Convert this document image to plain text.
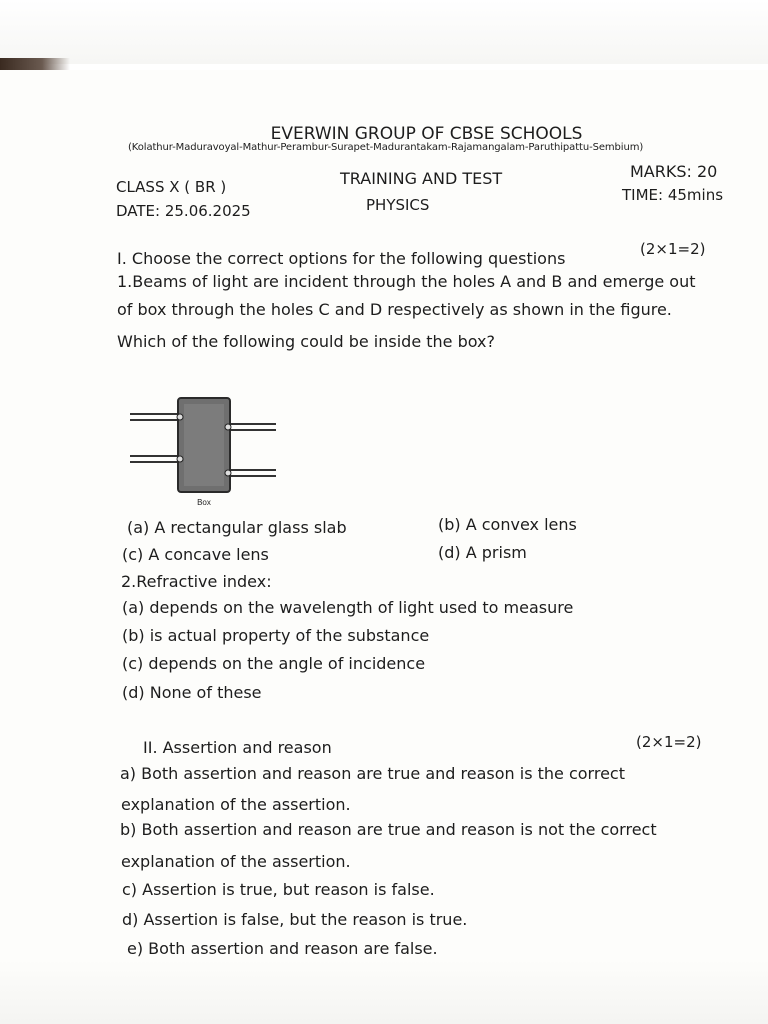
EVERWIN GROUP OF CBSE SCHOOLS
(Kolathur-Maduravoyal-Mathur-Perambur-Surapet-Madurantakam-Rajamangalam-Paruthipattu-Sembium)
CLASS X ( BR )	TRAINING AND TEST	MARKS: 20
DATE: 25.06.2025	PHYSICS
TIME: 45mins
I. Choose the correct options for the following questions	(2×1=2)
1.Beams of light are incident through the holes A and B and emerge out
of box through the holes C and D respectively as shown in the figure.
Which of the following could be inside the box?
Box
(a) A rectangular glass slab	(b) A convex lens
(c) A concave lens	(d) A prism
2.Refractive index:
(a) depends on the wavelength of light used to measure
(b) is actual property of the substance
(c) depends on the angle of incidence
(d) None of these
II. Assertion and reason	(2×1=2)
a) Both assertion and reason are true and reason is the correct
explanation of the assertion.
b) Both assertion and reason are true and reason is not the correct
explanation of the assertion.
c) Assertion is true, but reason is false.
d) Assertion is false, but the reason is true.
e) Both assertion and reason are false.
